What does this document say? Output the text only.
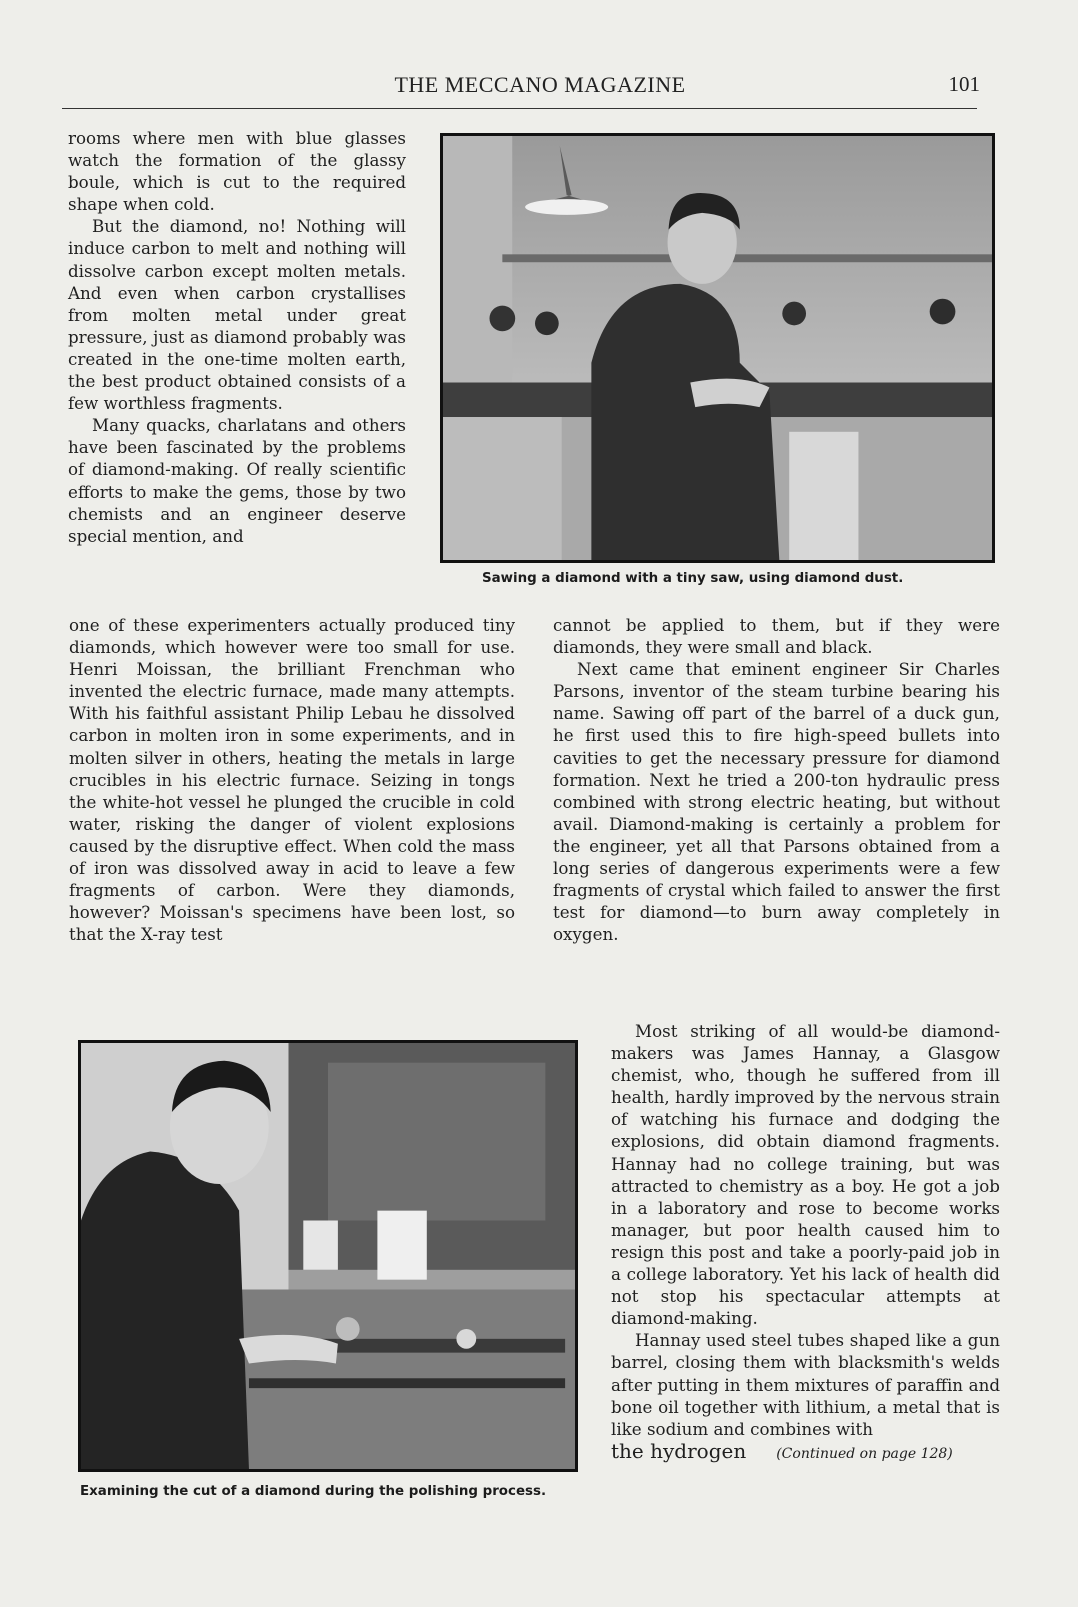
THE MECCANO MAGAZINE	101
Sawing a diamond with a tiny saw, using diamond dust.

rooms where men with blue glasses watch the formation of the glassy boule, which is cut to the required shape when cold.

But the diamond, no! Nothing will induce carbon to melt and nothing will dissolve carbon except molten metals. And even when carbon crystallises from molten metal under great pressure, just as diamond probably was created in the one-time molten earth, the best product obtained consists of a few worthless fragments.

Many quacks, charlatans and others have been fascinated by the problems of diamond-making. Of really scientific efforts to make the gems, those by two chemists and an engineer deserve special mention, and

one of these experimenters actually produced tiny diamonds, which however were too small for use. Henri Moissan, the brilliant Frenchman who invented the electric furnace, made many attempts. With his faithful assistant Philip Lebau he dissolved carbon in molten iron in some experiments, and in molten silver in others, heating the metals in large crucibles in his electric furnace. Seizing in tongs the white-hot vessel he plunged the crucible in cold water, risking the danger of violent explosions caused by the disruptive effect. When cold the mass of iron was dissolved away in acid to leave a few fragments of carbon. Were they diamonds, however? Moissan's specimens have been lost, so that the X-ray test

cannot be applied to them, but if they were diamonds, they were small and black.

Next came that eminent engineer Sir Charles Parsons, inventor of the steam turbine bearing his name. Sawing off part of the barrel of a duck gun, he first used this to fire high-speed bullets into cavities to get the necessary pressure for diamond formation. Next he tried a 200-ton hydraulic press combined with strong electric heating, but without avail. Diamond-making is certainly a problem for the engineer, yet all that Parsons obtained from a long series of dangerous experiments were a few fragments of crystal which failed to answer the first test for diamond—to burn away completely in oxygen.

Examining the cut of a diamond during the polishing process.

Most striking of all would-be diamond-makers was James Hannay, a Glasgow chemist, who, though he suffered from ill health, hardly improved by the nervous strain of watching his furnace and dodging the explosions, did obtain diamond fragments. Hannay had no college training, but was attracted to chemistry as a boy. He got a job in a laboratory and rose to become works manager, but poor health caused him to resign this post and take a poorly-paid job in a college laboratory. Yet his lack of health did not stop his spectacular attempts at diamond-making.

Hannay used steel tubes shaped like a gun barrel, closing them with blacksmith's welds after putting in them mixtures of paraffin and bone oil together with lithium, a metal that is like sodium and combines with

the hydrogen (Continued on page 128)
